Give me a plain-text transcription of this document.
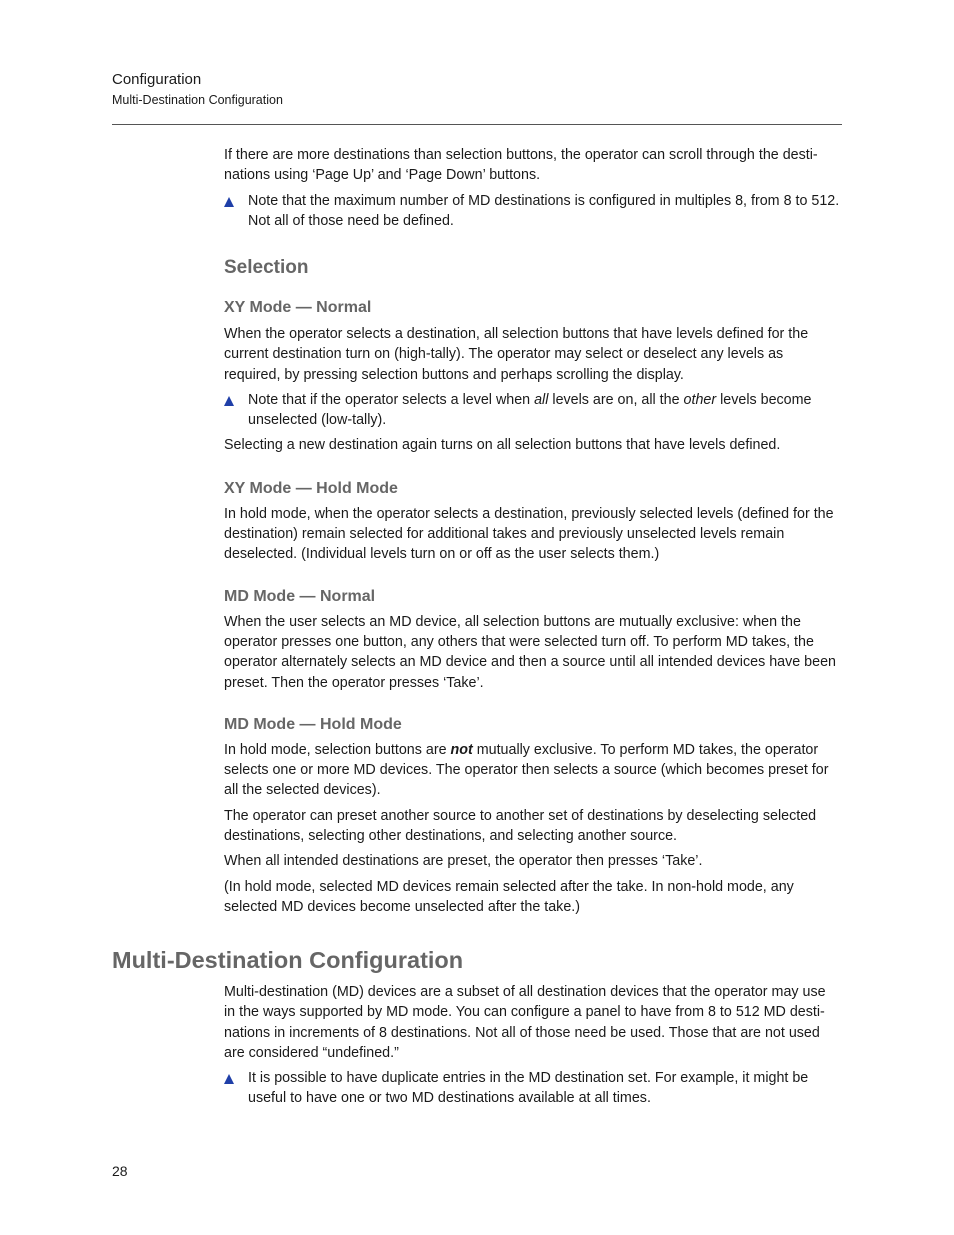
Configuration
Multi-Destination Configuration

If there are more destinations than selection buttons, the operator can scroll through the desti-nations using ‘Page Up’ and ‘Page Down’ buttons.

Note that the maximum number of MD destinations is configured in multiples 8, from 8 to 512. Not all of those need be defined.

Selection
XY Mode — Normal

When the operator selects a destination, all selection buttons that have levels defined for the current destination turn on (high-tally). The operator may select or deselect any levels as required, by pressing selection buttons and perhaps scrolling the display.

Note that if the operator selects a level when all levels are on, all the other levels become unselected (low-tally).

Selecting a new destination again turns on all selection buttons that have levels defined.

XY Mode — Hold Mode

In hold mode, when the operator selects a destination, previously selected levels (defined for the destination) remain selected for additional takes and previously unselected levels remain deselected. (Individual levels turn on or off as the user selects them.)

MD Mode — Normal

When the user selects an MD device, all selection buttons are mutually exclusive: when the operator presses one button, any others that were selected turn off. To perform MD takes, the operator alternately selects an MD device and then a source until all intended devices have been preset. Then the operator presses ‘Take’.

MD Mode — Hold Mode

In hold mode, selection buttons are not mutually exclusive. To perform MD takes, the operator selects one or more MD devices. The operator then selects a source (which becomes preset for all the selected devices).

The operator can preset another source to another set of destinations by deselecting selected destinations, selecting other destinations, and selecting another source.

When all intended destinations are preset, the operator then presses ‘Take’.

(In hold mode, selected MD devices remain selected after the take. In non-hold mode, any selected MD devices become unselected after the take.)

Multi-Destination Configuration

Multi-destination (MD) devices are a subset of all destination devices that the operator may use in the ways supported by MD mode. You can configure a panel to have from 8 to 512 MD desti-nations in increments of 8 destinations. Not all of those need be used. Those that are not used are considered “undefined.”

It is possible to have duplicate entries in the MD destination set. For example, it might be useful to have one or two MD destinations available at all times.

28
